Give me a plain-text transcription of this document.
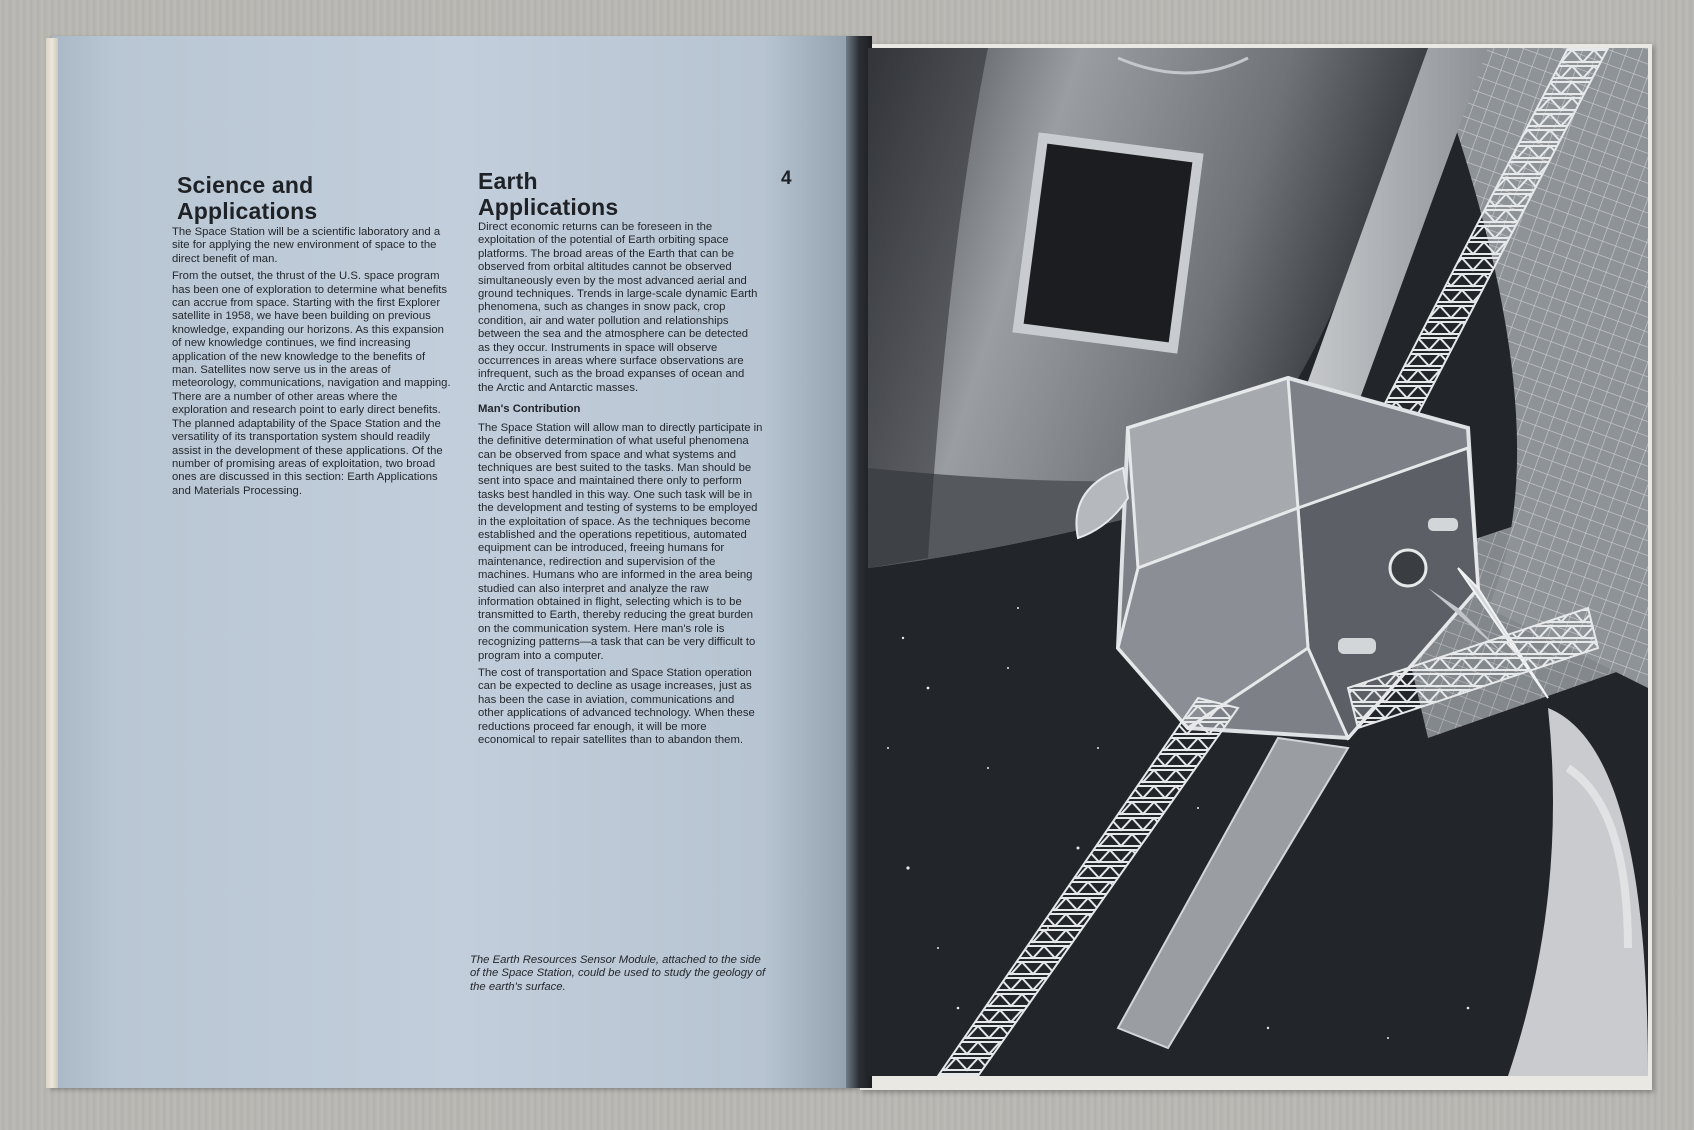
Science and
Applications
Earth
Applications
4

The Space Station will be a scientific laboratory and a site for applying the new environment of space to the direct benefit of man.

From the outset, the thrust of the U.S. space program has been one of exploration to determine what benefits can accrue from space. Starting with the first Explorer satellite in 1958, we have been building on previous knowledge, expanding our horizons. As this expansion of new knowledge continues, we find increasing application of the new knowledge to the benefits of man. Satellites now serve us in the areas of meteorology, communications, navigation and mapping. There are a number of other areas where the exploration and research point to early direct benefits. The planned adaptability of the Space Station and the versatility of its transportation system should readily assist in the development of these applications. Of the number of promising areas of exploitation, two broad ones are discussed in this section: Earth Applications and Materials Processing.

Direct economic returns can be foreseen in the exploitation of the potential of Earth orbiting space platforms. The broad areas of the Earth that can be observed from orbital altitudes cannot be observed simultaneously even by the most advanced aerial and ground techniques. Trends in large-scale dynamic Earth phenomena, such as changes in snow pack, crop condition, air and water pollution and relationships between the sea and the atmosphere can be detected as they occur. Instruments in space will observe occurrences in areas where surface observations are infrequent, such as the broad expanses of ocean and the Arctic and Antarctic masses.

Man's Contribution

The Space Station will allow man to directly participate in the definitive determination of what useful phenomena can be observed from space and what systems and techniques are best suited to the tasks. Man should be sent into space and maintained there only to perform tasks best handled in this way. One such task will be in the development and testing of systems to be employed in the exploitation of space. As the techniques become established and the operations repetitious, automated equipment can be introduced, freeing humans for maintenance, redirection and supervision of the machines. Humans who are informed in the area being studied can also interpret and analyze the raw information obtained in flight, selecting which is to be transmitted to Earth, thereby reducing the great burden on the communication system. Here man's role is recognizing patterns—a task that can be very difficult to program into a computer.

The cost of transportation and Space Station operation can be expected to decline as usage increases, just as has been the case in aviation, communications and other applications of advanced technology. When these reductions proceed far enough, it will be more economical to repair satellites than to abandon them.

The Earth Resources Sensor Module, attached to the side of the Space Station, could be used to study the geology of the earth's surface.
